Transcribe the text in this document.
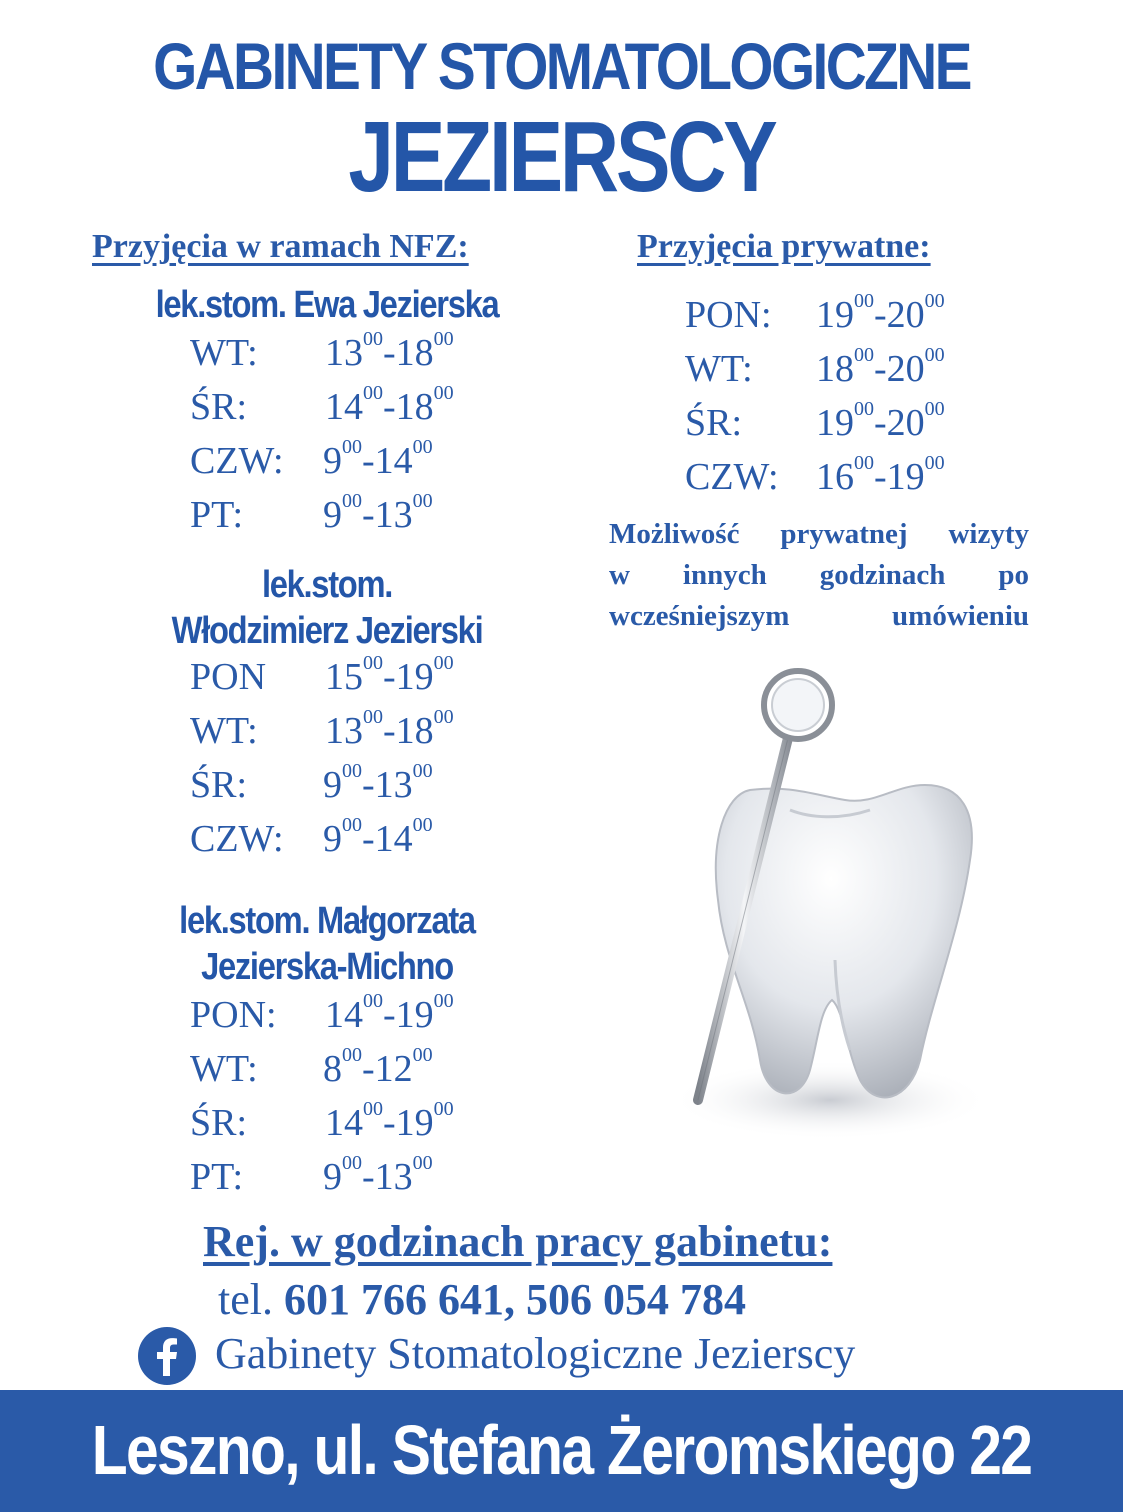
GABINETY STOMATOLOGICZNE
JEZIERSCY
Przyjęcia w ramach NFZ:
lek.stom. Ewa Jezierska
WT: $13^{00}-18^{00}$
ŚR: $14^{00}-18^{00}$
CZW: $9^{00}-14^{00}$
PT: $9^{00}-13^{00}$
lek.stom.
Włodzimierz Jezierski
PON $15^{00}-19^{00}$
WT: $13^{00}-18^{00}$
ŚR: $9^{00}-13^{00}$
CZW: $9^{00}-14^{00}$
lek.stom. Małgorzata
Jezierska-Michno
PON: $14^{00}-19^{00}$
WT: $8^{00}-12^{00}$
ŚR: $14^{00}-19^{00}$
PT: $9^{00}-13^{00}$
Przyjęcia prywatne:
PON: $19^{00}-20^{00}$
WT: $18^{00}-20^{00}$
ŚR: $19^{00}-20^{00}$
CZW: $16^{00}-19^{00}$
Możliwość prywatnej wizyty
w innych godzinach po
wcześniejszym umówieniu
Rej. w godzinach pracy gabinetu:
tel. 601 766 641, 506 054 784
Gabinety Stomatologiczne Jezierscy
Leszno, ul. Stefana Żeromskiego 22
